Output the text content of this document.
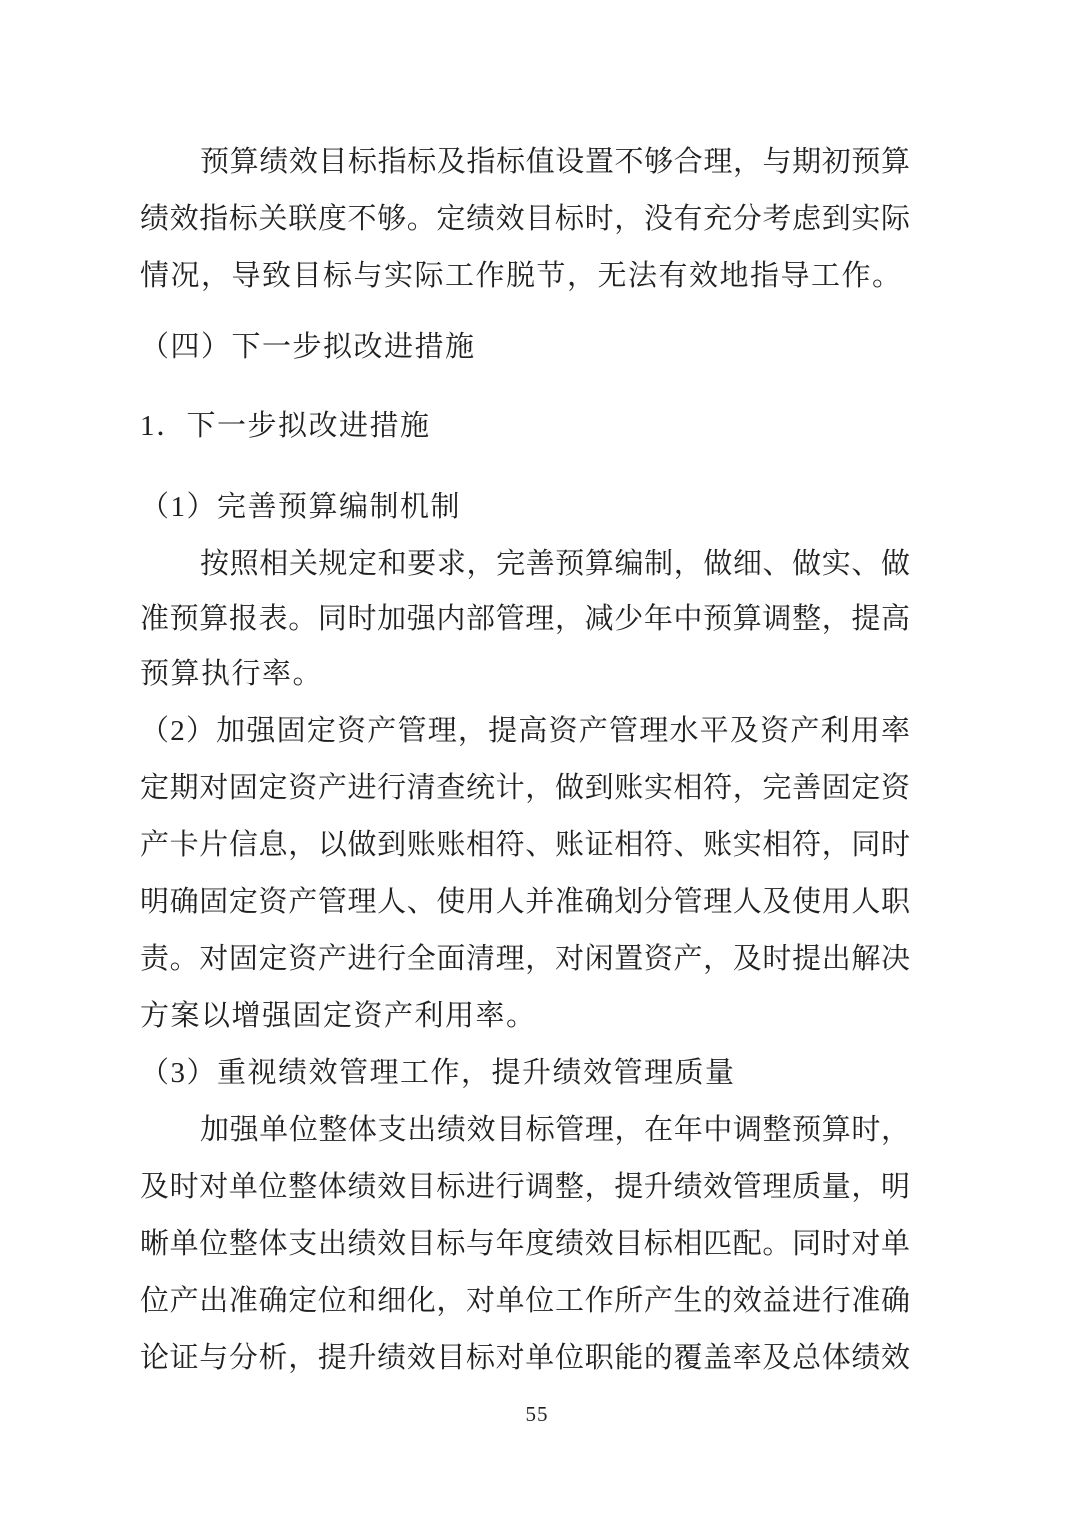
预算绩效目标指标及指标值设置不够合理，与期初预算
绩效指标关联度不够。定绩效目标时，没有充分考虑到实际
情况，导致目标与实际工作脱节，无法有效地指导工作。
（四）下一步拟改进措施
1．下一步拟改进措施
（1）完善预算编制机制
按照相关规定和要求，完善预算编制，做细、做实、做
准预算报表。同时加强内部管理，减少年中预算调整，提高
预算执行率。
（2）加强固定资产管理，提高资产管理水平及资产利用率
定期对固定资产进行清查统计，做到账实相符，完善固定资
产卡片信息，以做到账账相符、账证相符、账实相符，同时
明确固定资产管理人、使用人并准确划分管理人及使用人职
责。对固定资产进行全面清理，对闲置资产，及时提出解决
方案以增强固定资产利用率。
（3）重视绩效管理工作，提升绩效管理质量
加强单位整体支出绩效目标管理，在年中调整预算时，
及时对单位整体绩效目标进行调整，提升绩效管理质量，明
晰单位整体支出绩效目标与年度绩效目标相匹配。同时对单
位产出准确定位和细化，对单位工作所产生的效益进行准确
论证与分析，提升绩效目标对单位职能的覆盖率及总体绩效
55
